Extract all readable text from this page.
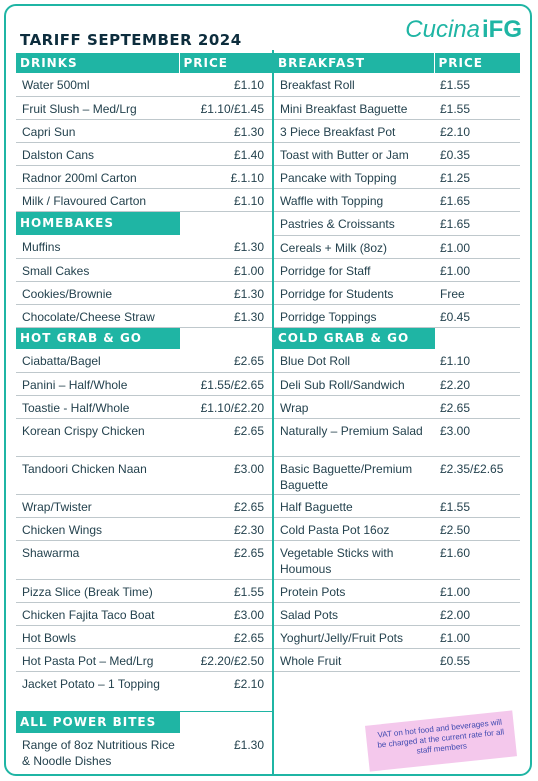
TARIFF SEPTEMBER 2024	CucinaiFG
DRINKS	PRICE
Water 500ml	£1.10
Fruit Slush – Med/Lrg	£1.10/£1.45
Capri Sun	£1.30
Dalston Cans	£1.40
Radnor 200ml Carton	£.1.10
Milk / Flavoured Carton	£1.10
HOMEBAKES	
Muffins	£1.30
Small Cakes	£1.00
Cookies/Brownie	£1.30
Chocolate/Cheese Straw	£1.30
HOT GRAB & GO	
Ciabatta/Bagel	£2.65
Panini – Half/Whole	£1.55/£2.65
Toastie - Half/Whole	£1.10/£2.20
Korean Crispy Chicken	£2.65
Tandoori Chicken Naan	£3.00
Wrap/Twister	£2.65
Chicken Wings	£2.30
Shawarma	£2.65
Pizza Slice (Break Time)	£1.55
Chicken Fajita Taco Boat	£3.00
Hot Bowls	£2.65
Hot Pasta Pot – Med/Lrg	£2.20/£2.50
Jacket Potato – 1 Topping	£2.10
ALL POWER BITES	
Range of 8oz Nutritious Rice & Noodle Dishes	£1.30
BREAKFAST	PRICE
Breakfast Roll	£1.55
Mini Breakfast Baguette	£1.55
3 Piece Breakfast Pot	£2.10
Toast with Butter or Jam	£0.35
Pancake with Topping	£1.25
Waffle with Topping	£1.65
Pastries & Croissants	£1.65
Cereals + Milk (8oz)	£1.00
Porridge for Staff	£1.00
Porridge for Students	Free
Porridge Toppings	£0.45
COLD GRAB & GO	
Blue Dot Roll	£1.10
Deli Sub Roll/Sandwich	£2.20
Wrap	£2.65
Naturally – Premium Salad	£3.00
Basic Baguette/Premium Baguette	£2.35/£2.65
Half Baguette	£1.55
Cold Pasta Pot 16oz	£2.50
Vegetable Sticks with Houmous	£1.60
Protein Pots	£1.00
Salad Pots	£2.00
Yoghurt/Jelly/Fruit Pots	£1.00
Whole Fruit	£0.55
VAT on hot food and beverages will be charged at the current rate for all staff members
